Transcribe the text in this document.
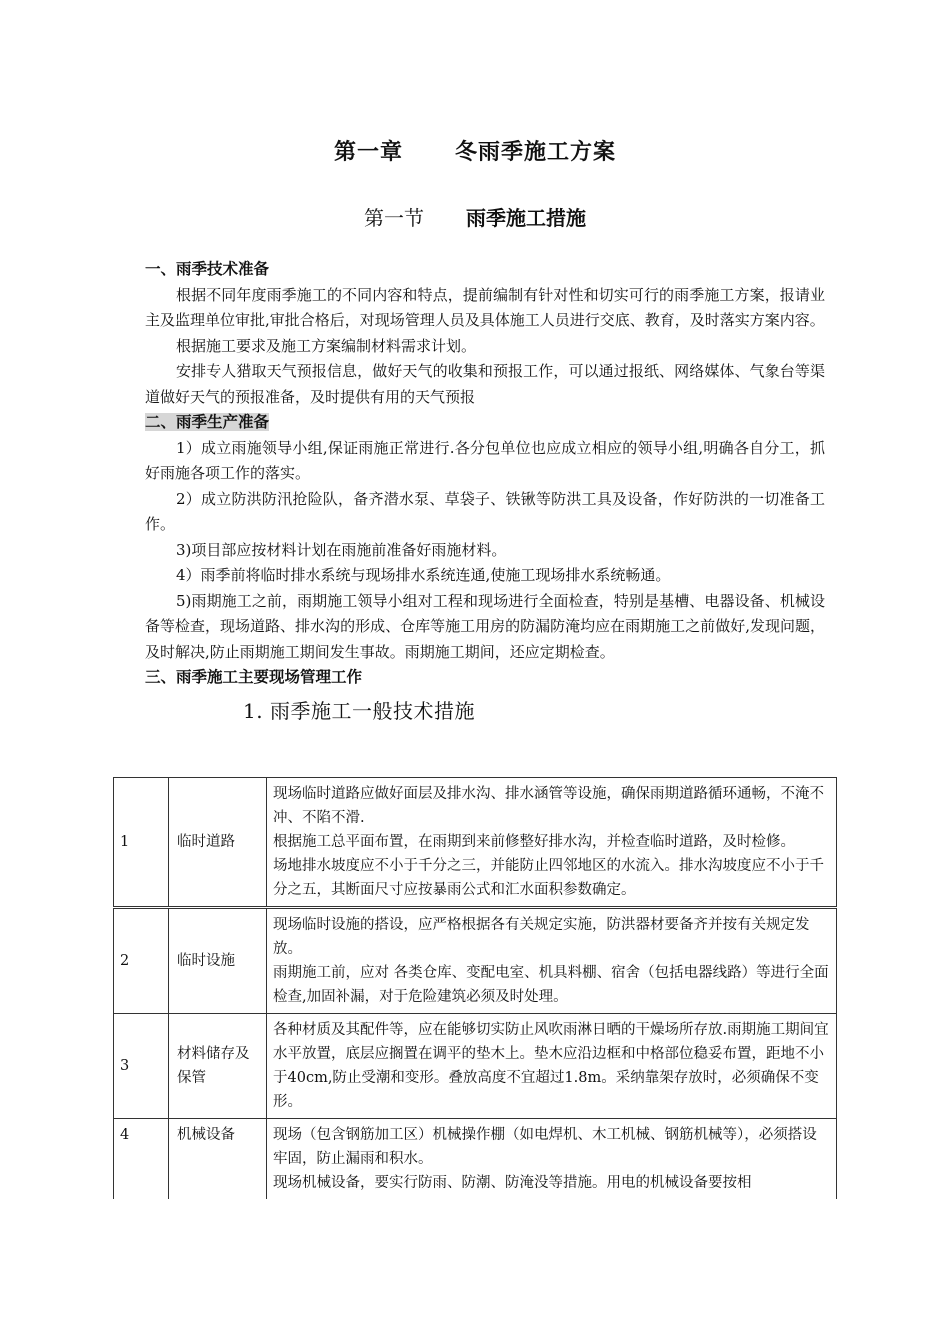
第一章      冬雨季施工方案
第一节 雨季施工措施
一、雨季技术准备

根据不同年度雨季施工的不同内容和特点，提前编制有针对性和切实可行的雨季施工方案，报请业主及监理单位审批,审批合格后，对现场管理人员及具体施工人员进行交底、教育，及时落实方案内容。

根据施工要求及施工方案编制材料需求计划。

安排专人猎取天气预报信息，做好天气的收集和预报工作，可以通过报纸、网络媒体、气象台等渠道做好天气的预报准备，及时提供有用的天气预报

二、雨季生产准备

1）成立雨施领导小组,保证雨施正常进行.各分包单位也应成立相应的领导小组,明确各自分工，抓好雨施各项工作的落实。

2）成立防洪防汛抢险队，备齐潜水泵、草袋子、铁锹等防洪工具及设备，作好防洪的一切准备工作。

3)项目部应按材料计划在雨施前准备好雨施材料。

4）雨季前将临时排水系统与现场排水系统连通,使施工现场排水系统畅通。

5)雨期施工之前，雨期施工领导小组对工程和现场进行全面检查，特别是基槽、电器设备、机械设备等检查，现场道路、排水沟的形成、仓库等施工用房的防漏防淹均应在雨期施工之前做好,发现问题，及时解决,防止雨期施工期间发生事故。雨期施工期间，还应定期检查。

三、雨季施工主要现场管理工作
1. 雨季施工一般技术措施
1	临时道路	现场临时道路应做好面层及排水沟、排水涵管等设施，确保雨期道路循环通畅，不淹不冲、不陷不滑.
根据施工总平面布置，在雨期到来前修整好排水沟，并检查临时道路，及时检修。
场地排水坡度应不小于千分之三，并能防止四邻地区的水流入。排水沟坡度应不小于千分之五，其断面尺寸应按暴雨公式和汇水面积参数确定。

2	临时设施	现场临时设施的搭设，应严格根据各有关规定实施，防洪器材要备齐并按有关规定发放。
雨期施工前，应对 各类仓库、变配电室、机具料棚、宿舍（包括电器线路）等进行全面检查,加固补漏，对于危险建筑必须及时处理。

3	材料储存及保管	各种材质及其配件等，应在能够切实防止风吹雨淋日晒的干燥场所存放.雨期施工期间宜水平放置，底层应搁置在调平的垫木上。垫木应沿边框和中格部位稳妥布置，距地不小于40cm,防止受潮和变形。叠放高度不宜超过1.8m。采纳靠架存放时，必须确保不变形。

4	机械设备	现场（包含钢筋加工区）机械操作棚（如电焊机、木工机械、钢筋机械等），必须搭设牢固，防止漏雨和积水。
现场机械设备，要实行防雨、防潮、防淹没等措施。用电的机械设备要按相
